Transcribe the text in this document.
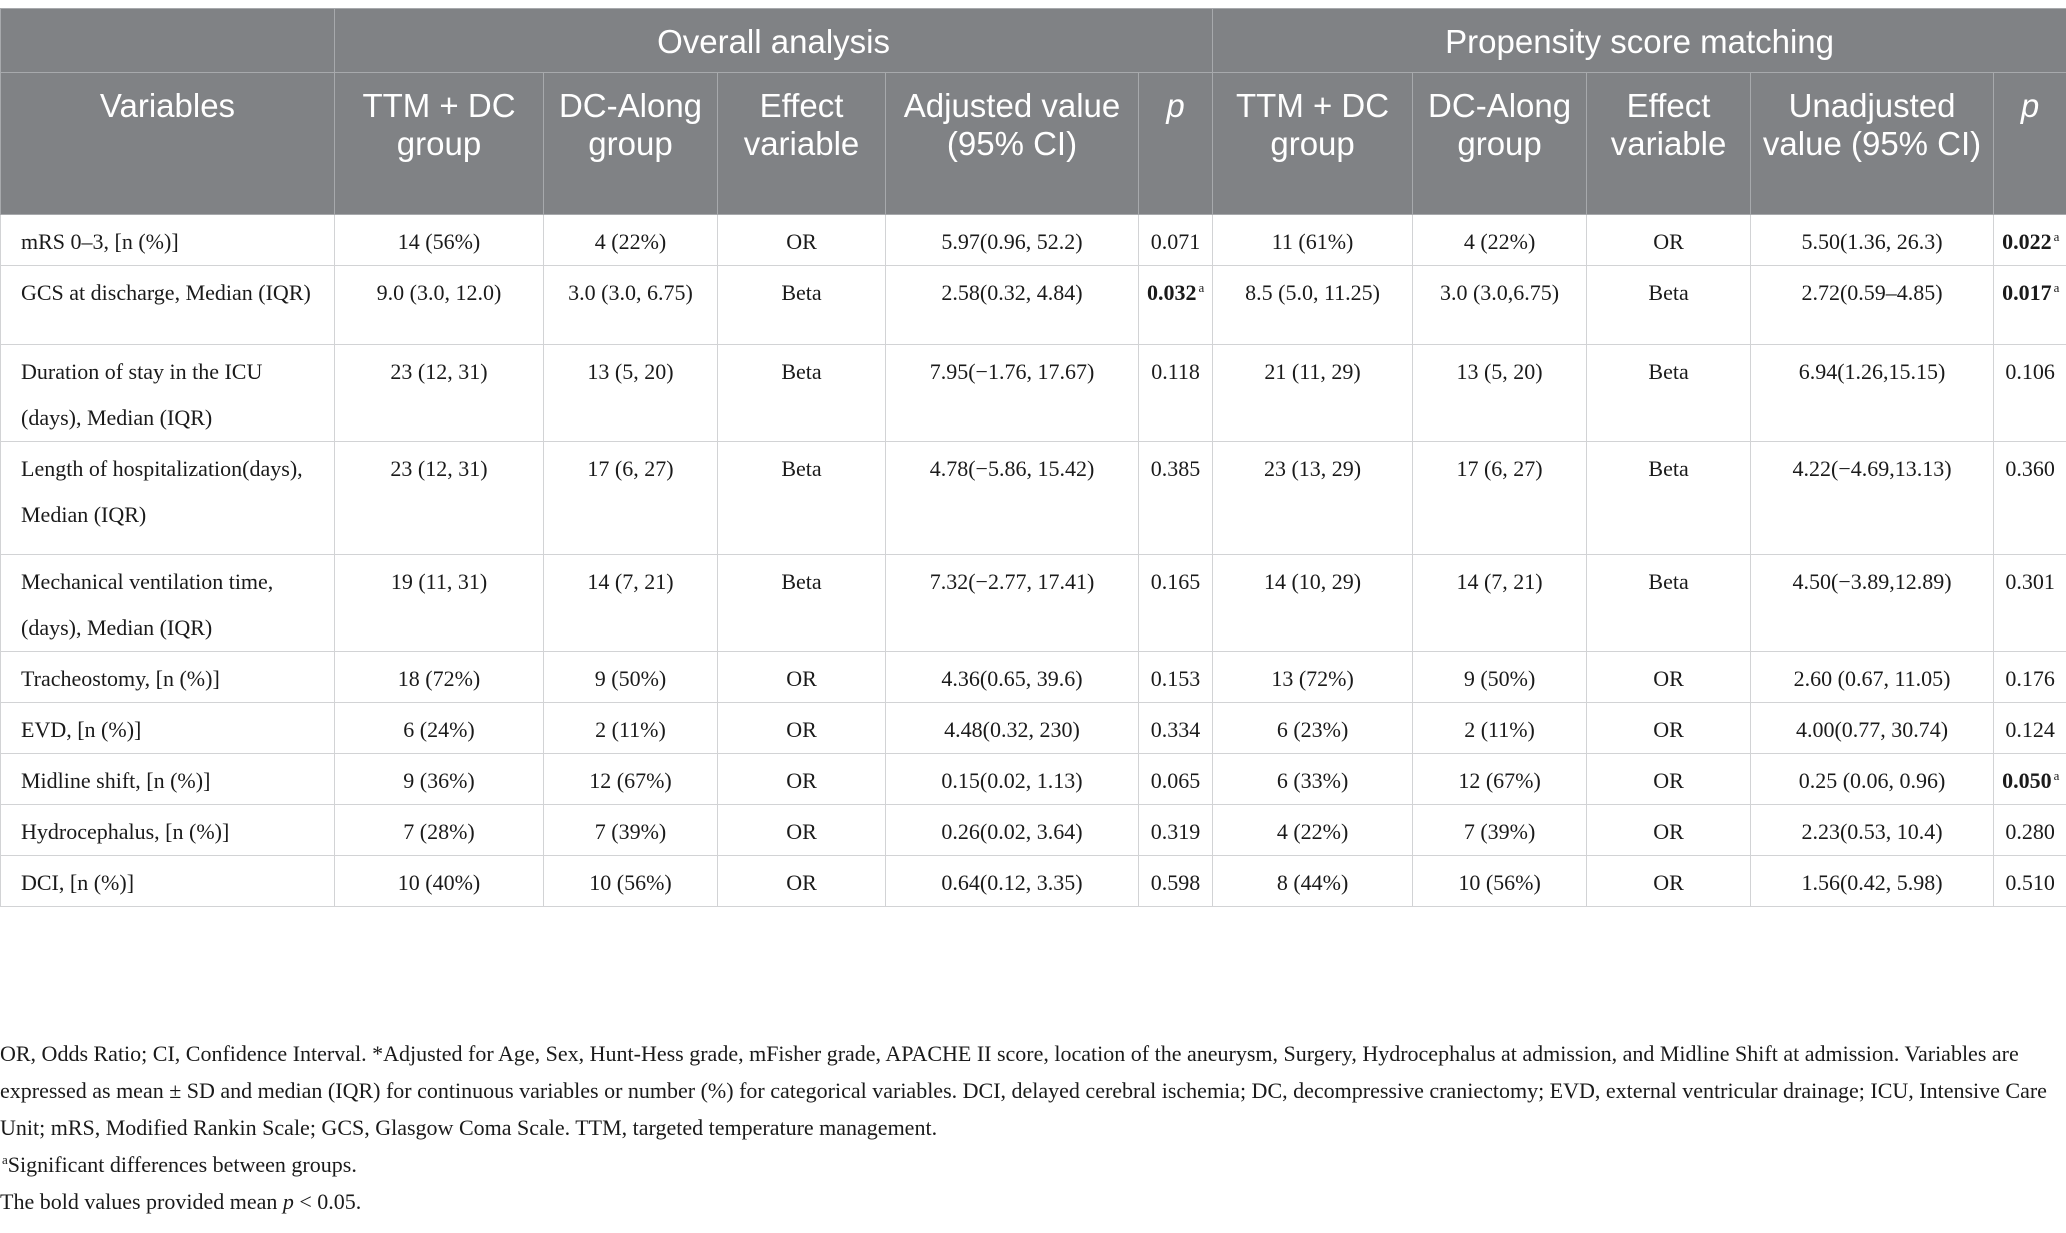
	Overall analysis					Propensity score matching				
Variables	TTM + DC group	DC-Along group	Effect variable	Adjusted value (95% CI)	p	TTM + DC group	DC-Along group	Effect variable	Unadjusted value (95% CI)	p
mRS 0–3, [n (%)]	14 (56%)	4 (22%)	OR	5.97(0.96, 52.2)	0.071	11 (61%)	4 (22%)	OR	5.50(1.36, 26.3)	0.022 $^a$
GCS at discharge, Median (IQR)	9.0 (3.0, 12.0)	3.0 (3.0, 6.75)	Beta	2.58(0.32, 4.84)	0.032 $^a$	8.5 (5.0, 11.25)	3.0 (3.0,6.75)	Beta	2.72(0.59–4.85)	0.017 $^a$
Duration of stay in the ICU (days), Median (IQR)	23 (12, 31)	13 (5, 20)	Beta	7.95(−1.76, 17.67)	0.118	21 (11, 29)	13 (5, 20)	Beta	6.94(1.26,15.15)	0.106
Length of hospitalization(days), Median (IQR)	23 (12, 31)	17 (6, 27)	Beta	4.78(−5.86, 15.42)	0.385	23 (13, 29)	17 (6, 27)	Beta	4.22(−4.69,13.13)	0.360
Mechanical ventilation time, (days), Median (IQR)	19 (11, 31)	14 (7, 21)	Beta	7.32(−2.77, 17.41)	0.165	14 (10, 29)	14 (7, 21)	Beta	4.50(−3.89,12.89)	0.301
Tracheostomy, [n (%)]	18 (72%)	9 (50%)	OR	4.36(0.65, 39.6)	0.153	13 (72%)	9 (50%)	OR	2.60 (0.67, 11.05)	0.176
EVD, [n (%)]	6 (24%)	2 (11%)	OR	4.48(0.32, 230)	0.334	6 (23%)	2 (11%)	OR	4.00(0.77, 30.74)	0.124
Midline shift, [n (%)]	9 (36%)	12 (67%)	OR	0.15(0.02, 1.13)	0.065	6 (33%)	12 (67%)	OR	0.25 (0.06, 0.96)	0.050 $^a$
Hydrocephalus, [n (%)]	7 (28%)	7 (39%)	OR	0.26(0.02, 3.64)	0.319	4 (22%)	7 (39%)	OR	2.23(0.53, 10.4)	0.280
DCI, [n (%)]	10 (40%)	10 (56%)	OR	0.64(0.12, 3.35)	0.598	8 (44%)	10 (56%)	OR	1.56(0.42, 5.98)	0.510

OR, Odds Ratio; CI, Confidence Interval. *Adjusted for Age, Sex, Hunt-Hess grade, mFisher grade, APACHE II score, location of the aneurysm, Surgery, Hydrocephalus at admission, and Midline Shift at admission. Variables are expressed as mean ± SD and median (IQR) for continuous variables or number (%) for categorical variables. DCI, delayed cerebral ischemia; DC, decompressive craniectomy; EVD, external ventricular drainage; ICU, Intensive Care Unit; mRS, Modified Rankin Scale; GCS, Glasgow Coma Scale. TTM, targeted temperature management.

$^a$Significant differences between groups.

The bold values provided mean p < 0.05.
